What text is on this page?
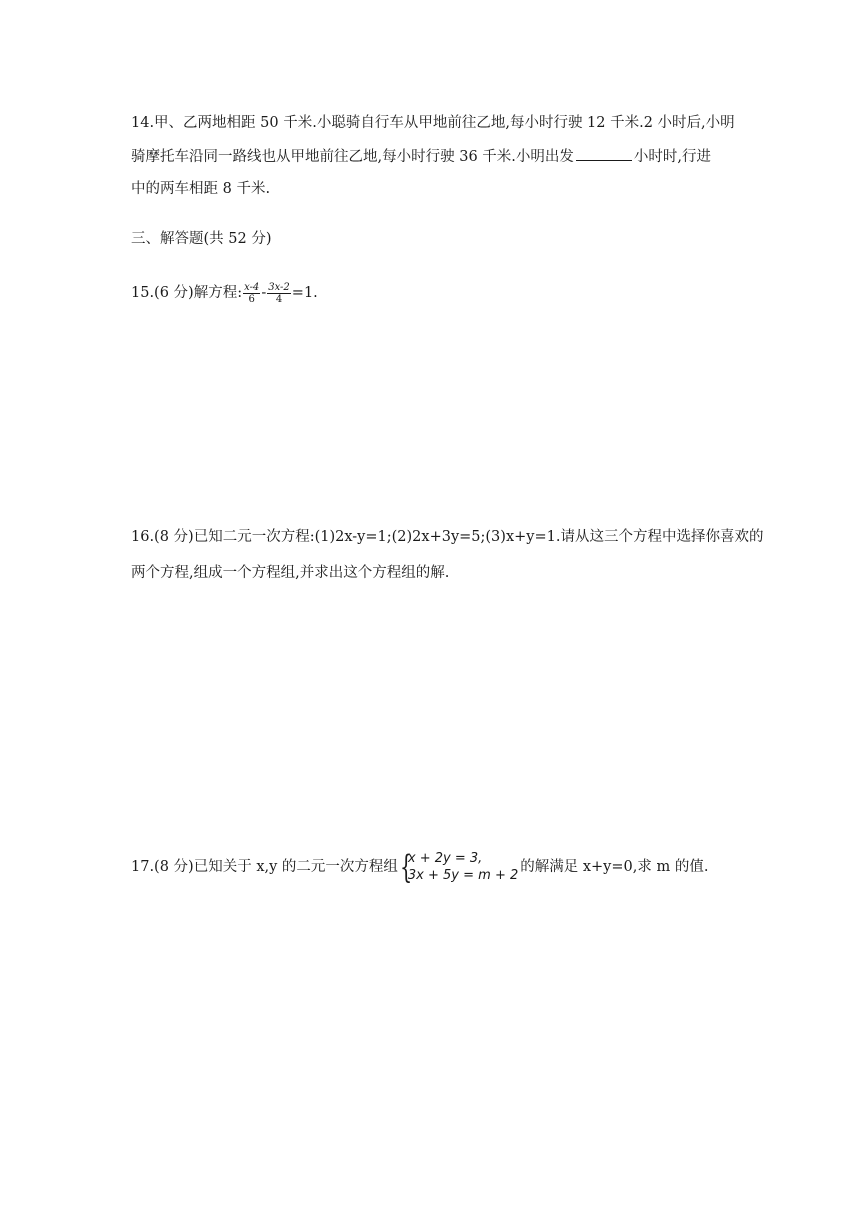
14.甲、乙两地相距 50 千米.小聪骑自行车从甲地前往乙地,每小时行驶 12 千米.2 小时后,小明
骑摩托车沿同一路线也从甲地前往乙地,每小时行驶 36 千米.小明出发	小时时,行进
中的两车相距 8 千米.
三、解答题(共 52 分)
15.(6 分)解方程: $\frac{x-4}{6} - \frac{3x-2}{4} =1$.
16.(8 分)已知二元一次方程:(1)2x-y=1;(2)2x+3y=5;(3)x+y=1.请从这三个方程中选择你喜欢的
两个方程,组成一个方程组,并求出这个方程组的解.
17.(8 分)已知关于 x,y 的二元一次方程组 {
x + 2y = 3,
3x + 5y = m + 2
的解满足 x+y=0,求 m 的值.
